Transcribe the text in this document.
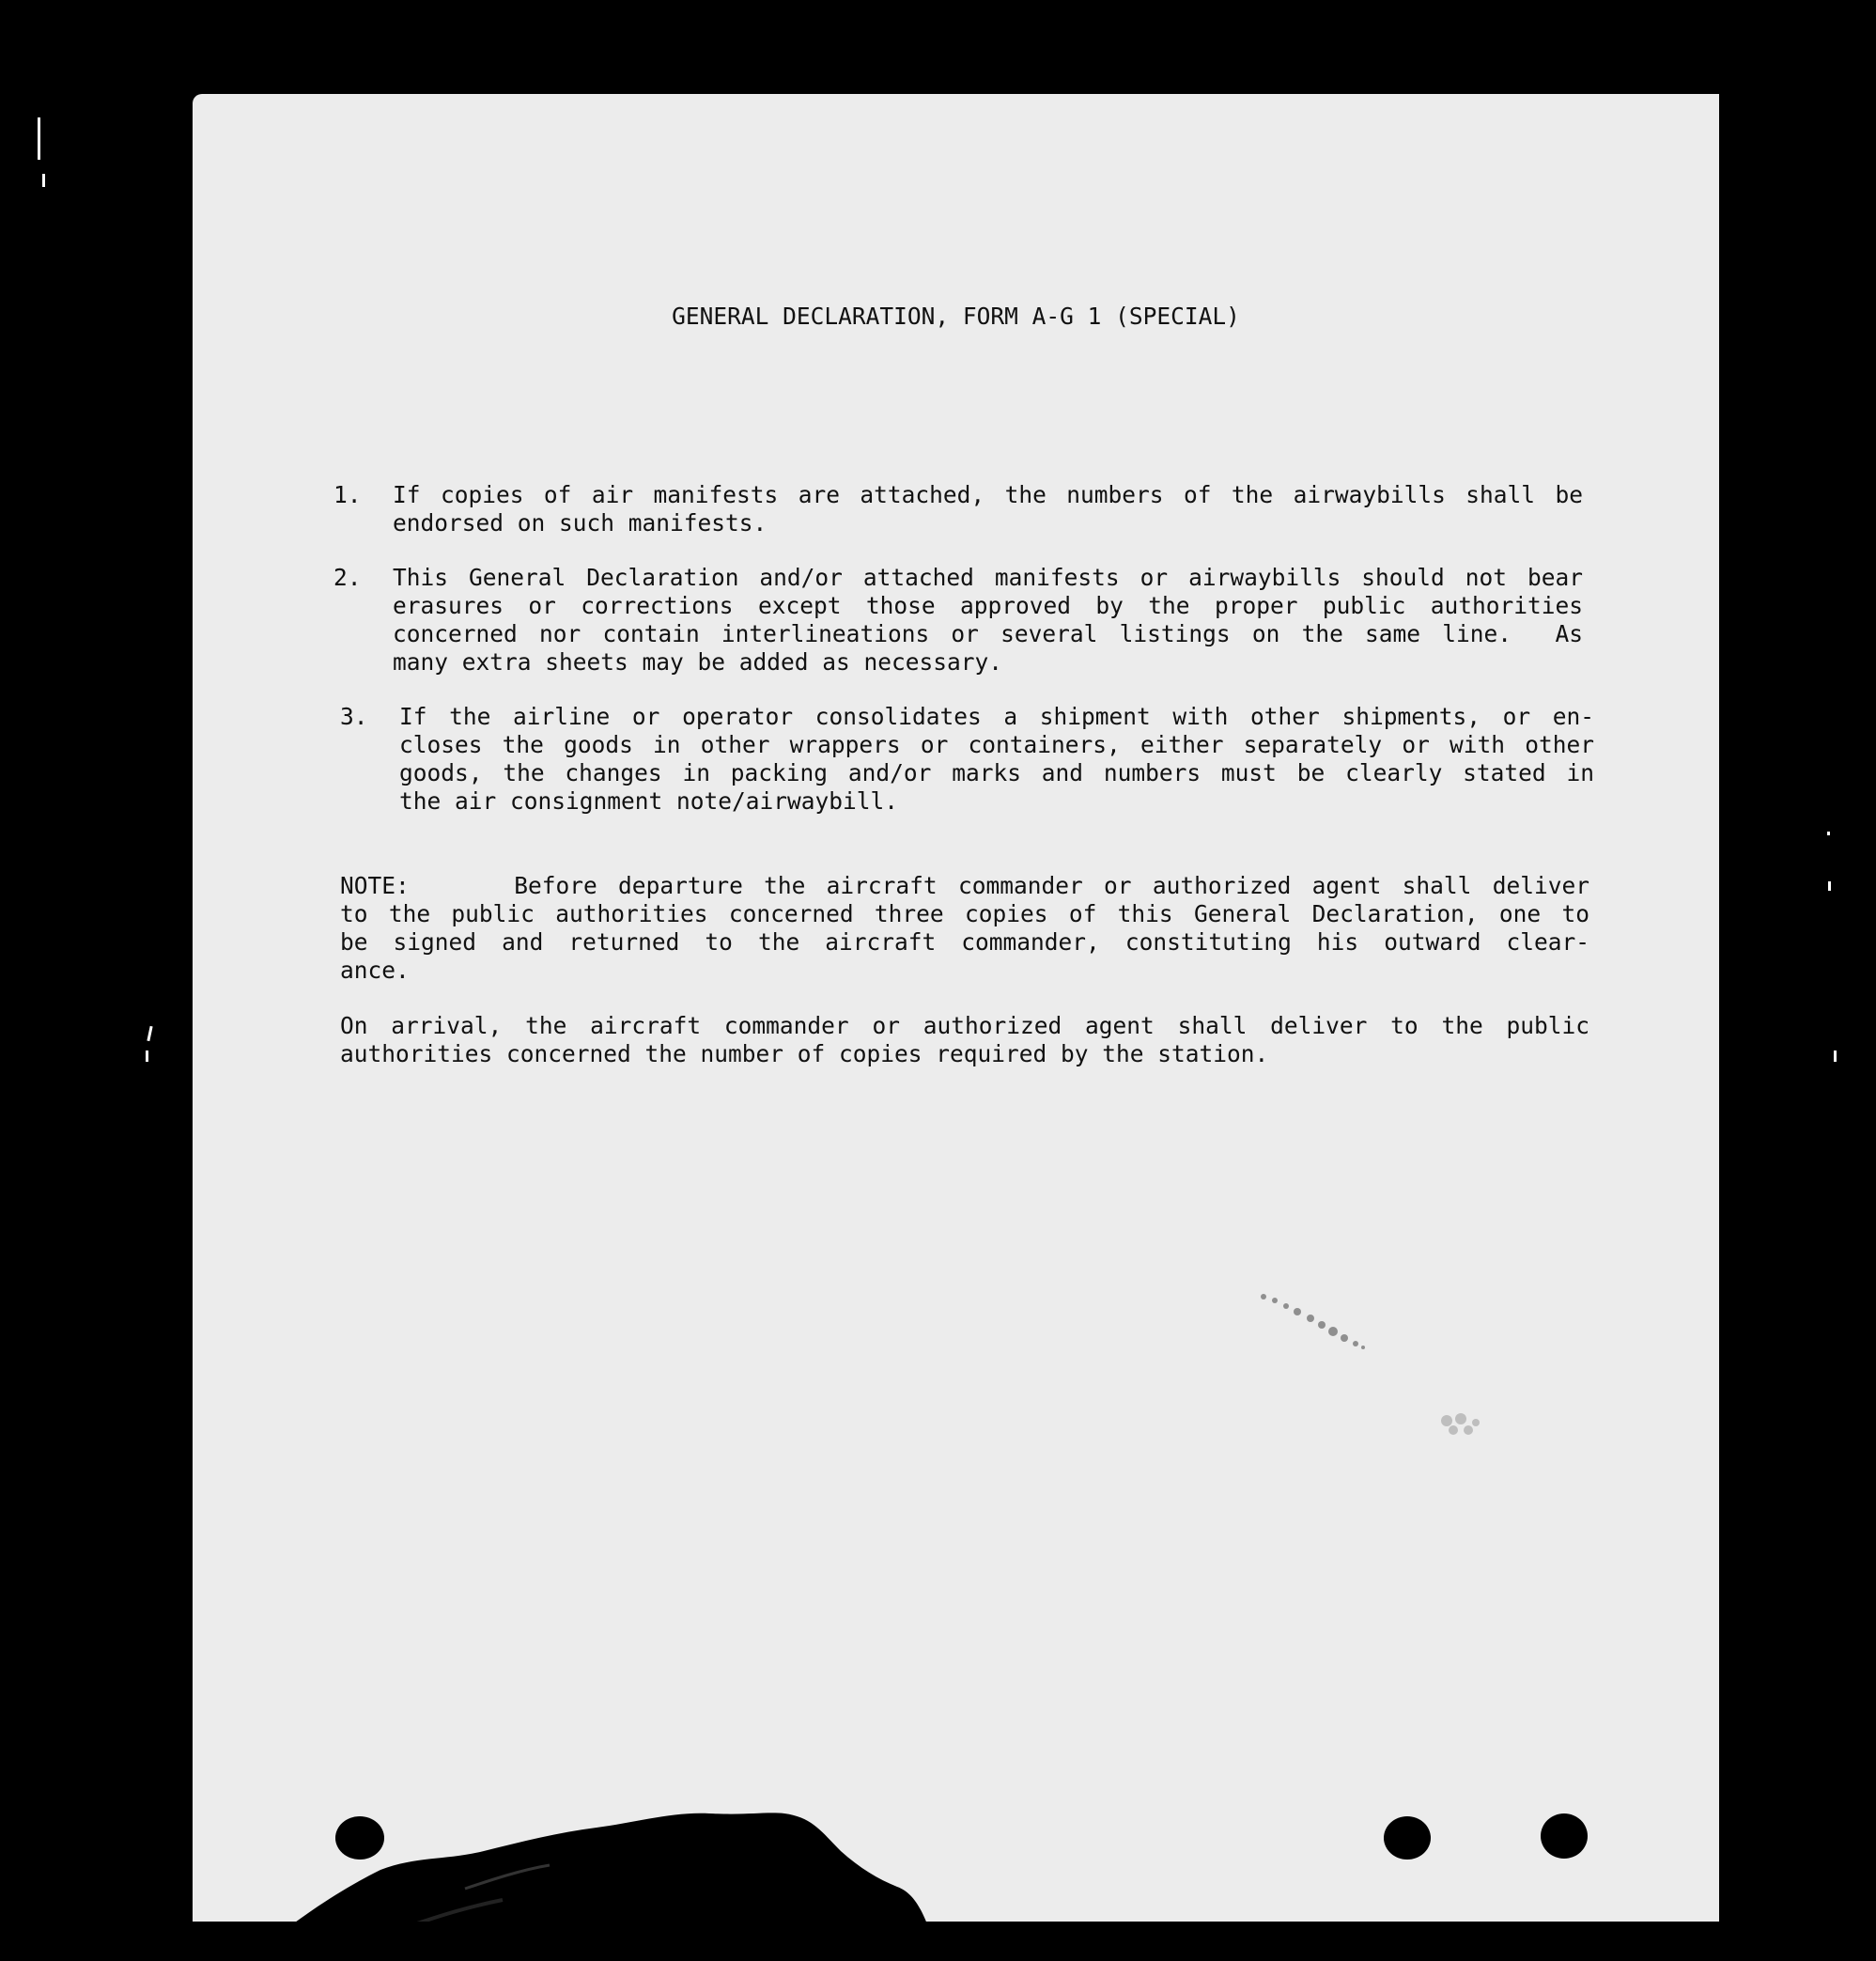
GENERAL DECLARATION, FORM A-G 1 (SPECIAL)
1.	If copies of air manifests are attached, the numbers of the airwaybills shall be
endorsed on such manifests.
2.	This General Declaration and/or attached manifests or airwaybills should not bear
erasures or corrections except those approved by the proper public authorities
concerned nor contain interlineations or several listings on the same line.  As
many extra sheets may be added as necessary.
3.	If the airline or operator consolidates a shipment with other shipments, or en-
closes the goods in other wrappers or containers, either separately or with other
goods, the changes in packing and/or marks and numbers must be clearly stated in
the air consignment note/airwaybill.
NOTE:     Before departure the aircraft commander or authorized agent shall deliver
to the public authorities concerned three copies of this General Declaration, one to
be signed and returned to the aircraft commander, constituting his outward clear-
ance.
On arrival, the aircraft commander or authorized agent shall deliver to the public
authorities concerned the number of copies required by the station.
